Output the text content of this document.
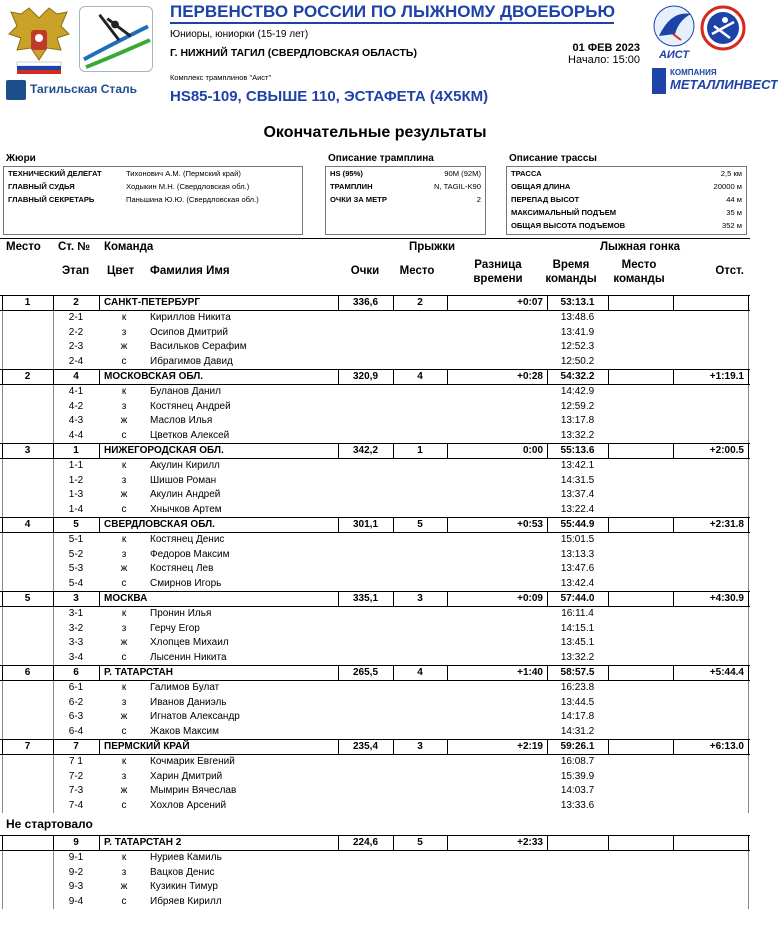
Тагильская Сталь
ПЕРВЕНСТВО РОССИИ ПО ЛЫЖНОМУ ДВОЕБОРЬЮ
Юниоры, юниорки (15-19 лет)
Г. НИЖНИЙ ТАГИЛ (СВЕРДЛОВСКАЯ ОБЛАСТЬ)	01 ФЕВ 2023
Начало: 15:00
Комплекс трамплинов "Аист"
HS85-109, СВЫШЕ 110, ЭСТАФЕТА (4Х5КМ)
АИСТ
КОМПАНИЯ
МЕТАЛЛИНВЕСТ
Окончательные результаты
Жюри	Описание трамплина	Описание трассы
ТЕХНИЧЕСКИЙ ДЕЛЕГАТ	Тихонович А.М. (Пермский край)
ГЛАВНЫЙ СУДЬЯ	Ходыкин М.Н. (Свердловская обл.)
ГЛАВНЫЙ СЕКРЕТАРЬ	Паньшина Ю.Ю. (Свердловская обл.)
HS (95%)	90M (92M)
ТРАМПЛИН	N, TAGIL-K90
ОЧКИ ЗА МЕТР	2
ТРАССА	2,5 км
ОБЩАЯ ДЛИНА	20000 м
ПЕРЕПАД ВЫСОТ	44 м
МАКСИМАЛЬНЫЙ ПОДЪЕМ	35 м
ОБЩАЯ ВЫСОТА ПОДЪЕМОВ	352 м
Место Ст. № Команда	Прыжки	Лыжная гонка
Этап Цвет Фамилия Имя	Очки	Место	Разница
времени
Время
команды
Место
команды
Отст.
1	2	САНКТ-ПЕТЕРБУРГ	336,6	2	+0:07	53:13.1
2-1	к	Кириллов Никита	13:48.6
2-2	з	Осипов Дмитрий	13:41.9
2-3	ж	Васильков Серафим	12:52.3
2-4	с	Ибрагимов Давид	12:50.2
2	4	МОСКОВСКАЯ ОБЛ.	320,9	4	+0:28	54:32.2	+1:19.1
4-1	к	Буланов Данил	14:42.9
4-2	з	Костянец Андрей	12:59.2
4-3	ж	Маслов Илья	13:17.8
4-4	с	Цветков Алексей	13:32.2
3	1	НИЖЕГОРОДСКАЯ ОБЛ.	342,2	1	0:00	55:13.6	+2:00.5
1-1	к	Акулин Кирилл	13:42.1
1-2	з	Шишов Роман	14:31.5
1-3	ж	Акулин Андрей	13:37.4
1-4	с	Хнычков Артем	13:22.4
4	5	СВЕРДЛОВСКАЯ ОБЛ.	301,1	5	+0:53	55:44.9	+2:31.8
5-1	к	Костянец Денис	15:01.5
5-2	з	Федоров Максим	13:13.3
5-3	ж	Костянец Лев	13:47.6
5-4	с	Смирнов Игорь	13:42.4
5	3	МОСКВА	335,1	3	+0:09	57:44.0	+4:30.9
3-1	к	Пронин Илья	16:11.4
3-2	з	Герчу Егор	14:15.1
3-3	ж	Хлопцев Михаил	13:45.1
3-4	с	Лысенин Никита	13:32.2
6	6	Р. ТАТАРСТАН	265,5	4	+1:40	58:57.5	+5:44.4
6-1	к	Галимов Булат	16:23.8
6-2	з	Иванов Даниэль	13:44.5
6-3	ж	Игнатов Александр	14:17.8
6-4	с	Жаков Максим	14:31.2
7	7	ПЕРМСКИЙ КРАЙ	235,4	3	+2:19	59:26.1	+6:13.0
7 1	к	Кочмарик Евгений	16:08.7
7-2	з	Харин Дмитрий	15:39.9
7-3	ж	Мымрин Вячеслав	14:03.7
7-4	с	Хохлов Арсений	13:33.6
Не стартовало
9	Р. ТАТАРСТАН 2	224,6	5	+2:33
9-1	к	Нуриев Камиль
9-2	з	Вацков Денис
9-3	ж	Кузикин Тимур
9-4	с	Ибряев Кирилл
